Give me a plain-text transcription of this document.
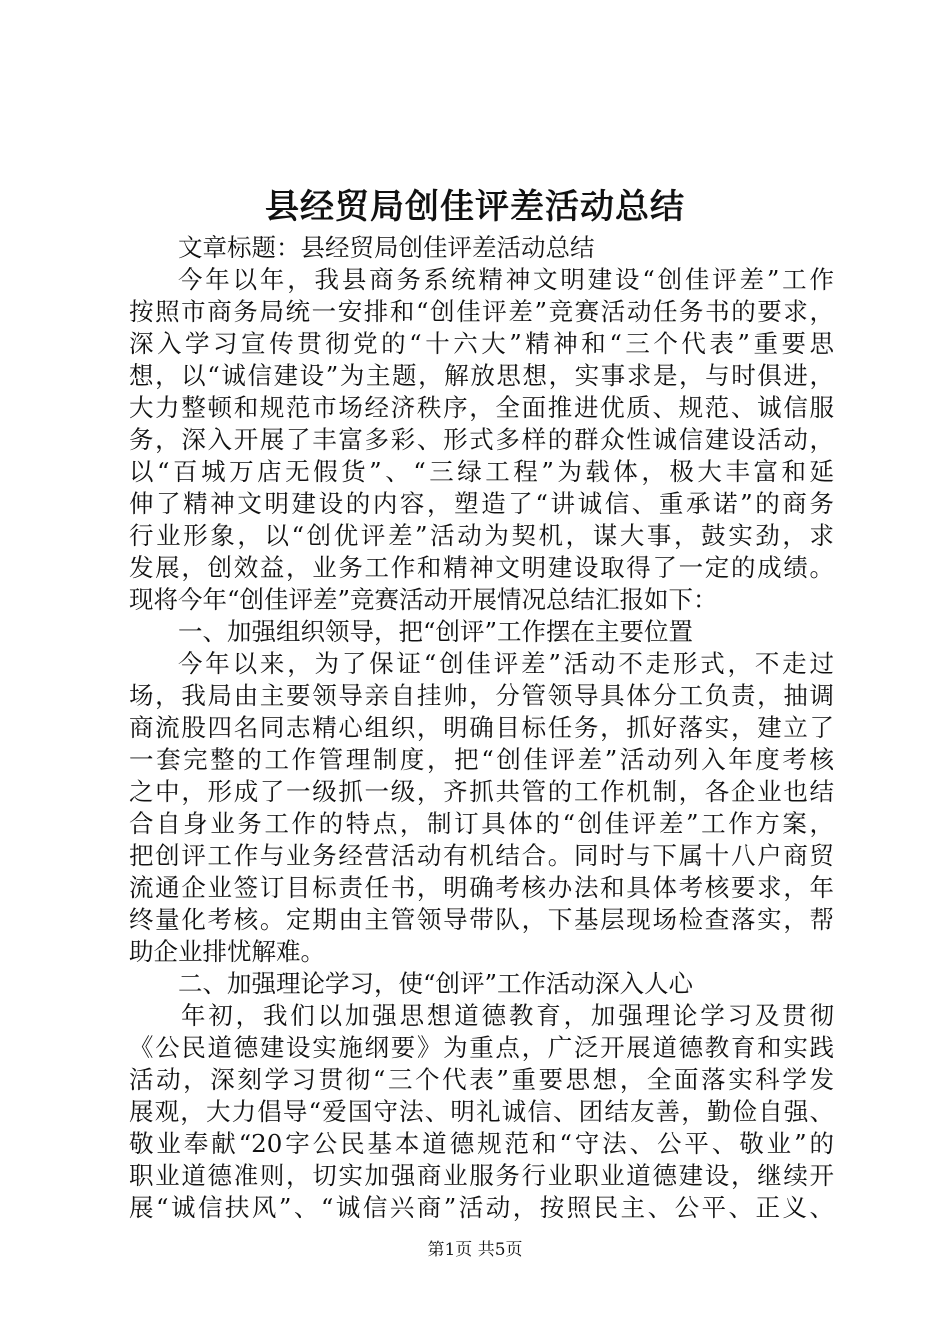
县经贸局创佳评差活动总结
文章标题：县经贸局创佳评差活动总结
今年以年，我县商务系统精神文明建设“创佳评差”工作
按照市商务局统一安排和“创佳评差”竞赛活动任务书的要求，
深入学习宣传贯彻党的“十六大”精神和“三个代表”重要思
想，以“诚信建设”为主题，解放思想，实事求是，与时俱进，
大力整顿和规范市场经济秩序，全面推进优质、规范、诚信服
务，深入开展了丰富多彩、形式多样的群众性诚信建设活动，
以“百城万店无假货”、“三绿工程”为载体，极大丰富和延
伸了精神文明建设的内容，塑造了“讲诚信、重承诺”的商务
行业形象，以“创优评差”活动为契机，谋大事，鼓实劲，求
发展，创效益，业务工作和精神文明建设取得了一定的成绩。
现将今年“创佳评差”竞赛活动开展情况总结汇报如下：
一、加强组织领导，把“创评”工作摆在主要位置
今年以来，为了保证“创佳评差”活动不走形式，不走过
场，我局由主要领导亲自挂帅，分管领导具体分工负责，抽调
商流股四名同志精心组织，明确目标任务，抓好落实，建立了
一套完整的工作管理制度，把“创佳评差”活动列入年度考核
之中，形成了一级抓一级，齐抓共管的工作机制，各企业也结
合自身业务工作的特点，制订具体的“创佳评差”工作方案，
把创评工作与业务经营活动有机结合。同时与下属十八户商贸
流通企业签订目标责任书，明确考核办法和具体考核要求，年
终量化考核。定期由主管领导带队，下基层现场检查落实，帮
助企业排忧解难。
二、加强理论学习，使“创评”工作活动深入人心
年初，我们以加强思想道德教育，加强理论学习及贯彻
《公民道德建设实施纲要》为重点，广泛开展道德教育和实践
活动，深刻学习贯彻“三个代表”重要思想，全面落实科学发
展观，大力倡导“爱国守法、明礼诚信、团结友善，勤俭自强、
敬业奉献“20字公民基本道德规范和“守法、公平、敬业”的
职业道德准则，切实加强商业服务行业职业道德建设，继续开
展“诚信扶风”、“诚信兴商”活动，按照民主、公平、正义、
第1页 共5页
